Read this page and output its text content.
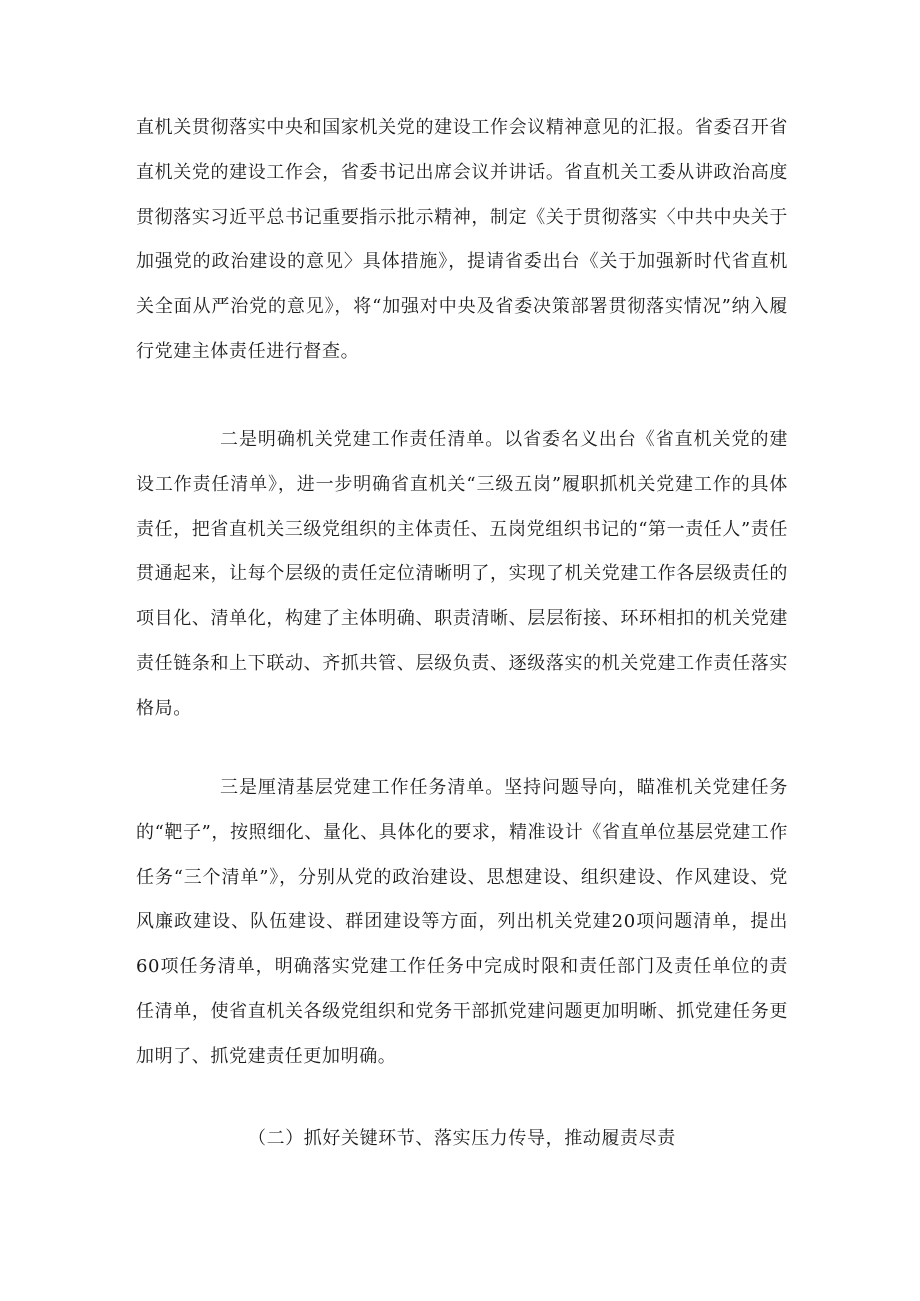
直机关贯彻落实中央和国家机关党的建设工作会议精神意见的汇报。省委召开省直机关党的建设工作会，省委书记出席会议并讲话。省直机关工委从讲政治高度贯彻落实习近平总书记重要指示批示精神，制定《关于贯彻落实〈中共中央关于加强党的政治建设的意见〉具体措施》，提请省委出台《关于加强新时代省直机关全面从严治党的意见》，将“加强对中央及省委决策部署贯彻落实情况”纳入履行党建主体责任进行督查。

二是明确机关党建工作责任清单。以省委名义出台《省直机关党的建设工作责任清单》，进一步明确省直机关“三级五岗”履职抓机关党建工作的具体责任，把省直机关三级党组织的主体责任、五岗党组织书记的“第一责任人”责任贯通起来，让每个层级的责任定位清晰明了，实现了机关党建工作各层级责任的项目化、清单化，构建了主体明确、职责清晰、层层衔接、环环相扣的机关党建责任链条和上下联动、齐抓共管、层级负责、逐级落实的机关党建工作责任落实格局。

三是厘清基层党建工作任务清单。坚持问题导向，瞄准机关党建任务的“靶子”，按照细化、量化、具体化的要求，精准设计《省直单位基层党建工作任务“三个清单”》，分别从党的政治建设、思想建设、组织建设、作风建设、党风廉政建设、队伍建设、群团建设等方面，列出机关党建20项问题清单，提出60项任务清单，明确落实党建工作任务中完成时限和责任部门及责任单位的责任清单，使省直机关各级党组织和党务干部抓党建问题更加明晰、抓党建任务更加明了、抓党建责任更加明确。

（二）抓好关键环节、落实压力传导，推动履责尽责
